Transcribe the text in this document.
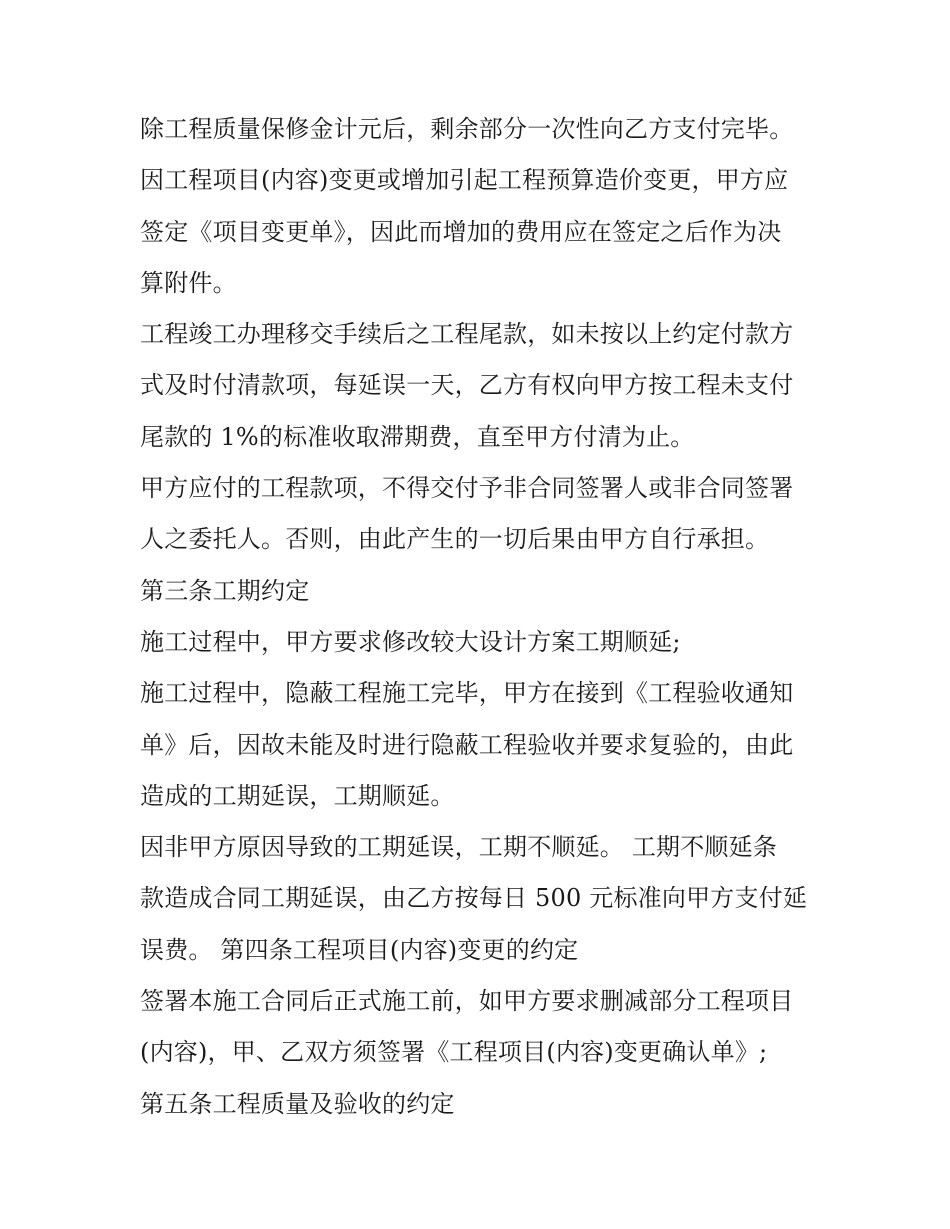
除工程质量保修金计元后，剩余部分一次性向乙方支付完毕。
因工程项目(内容)变更或增加引起工程预算造价变更，甲方应
签定《项目变更单》，因此而增加的费用应在签定之后作为决
算附件。
工程竣工办理移交手续后之工程尾款，如未按以上约定付款方
式及时付清款项，每延误一天，乙方有权向甲方按工程未支付
尾款的 1%的标准收取滞期费，直至甲方付清为止。
甲方应付的工程款项，不得交付予非合同签署人或非合同签署
人之委托人。否则，由此产生的一切后果由甲方自行承担。
第三条工期约定
施工过程中，甲方要求修改较大设计方案工期顺延;
施工过程中，隐蔽工程施工完毕，甲方在接到《工程验收通知
单》后，因故未能及时进行隐蔽工程验收并要求复验的，由此
造成的工期延误，工期顺延。
因非甲方原因导致的工期延误，工期不顺延。 工期不顺延条
款造成合同工期延误，由乙方按每日 500 元标准向甲方支付延
误费。 第四条工程项目(内容)变更的约定
签署本施工合同后正式施工前，如甲方要求删减部分工程项目
(内容)，甲、乙双方须签署《工程项目(内容)变更确认单》;
第五条工程质量及验收的约定
